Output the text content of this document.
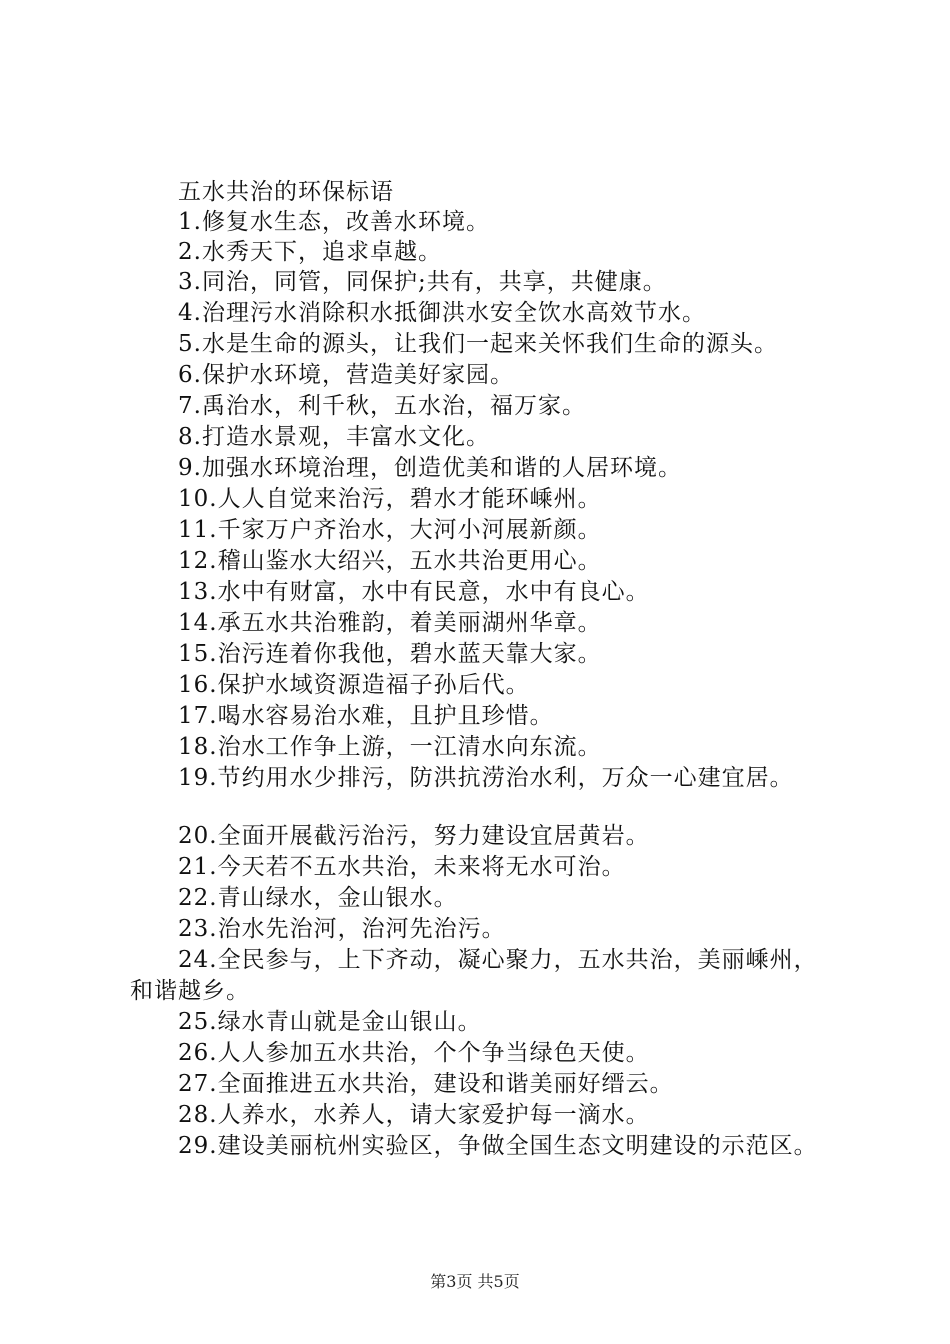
五水共治的环保标语
1.修复水生态，改善水环境。
2.水秀天下，追求卓越。
3.同治，同管，同保护;共有，共享，共健康。
4.治理污水消除积水抵御洪水安全饮水高效节水。
5.水是生命的源头，让我们一起来关怀我们生命的源头。
6.保护水环境，营造美好家园。
7.禹治水，利千秋，五水治，福万家。
8.打造水景观，丰富水文化。
9.加强水环境治理，创造优美和谐的人居环境。
10.人人自觉来治污，碧水才能环嵊州。
11.千家万户齐治水，大河小河展新颜。
12.稽山鉴水大绍兴，五水共治更用心。
13.水中有财富，水中有民意，水中有良心。
14.承五水共治雅韵，着美丽湖州华章。
15.治污连着你我他，碧水蓝天靠大家。
16.保护水域资源造福子孙后代。
17.喝水容易治水难，且护且珍惜。
18.治水工作争上游，一江清水向东流。
19.节约用水少排污，防洪抗涝治水利，万众一心建宜居。
20.全面开展截污治污，努力建设宜居黄岩。
21.今天若不五水共治，未来将无水可治。
22.青山绿水，金山银水。
23.治水先治河，治河先治污。
24.全民参与，上下齐动，凝心聚力，五水共治，美丽嵊州，
和谐越乡。
25.绿水青山就是金山银山。
26.人人参加五水共治，个个争当绿色天使。
27.全面推进五水共治，建设和谐美丽好缙云。
28.人养水，水养人，请大家爱护每一滴水。
29.建设美丽杭州实验区，争做全国生态文明建设的示范区。
第3页 共5页
